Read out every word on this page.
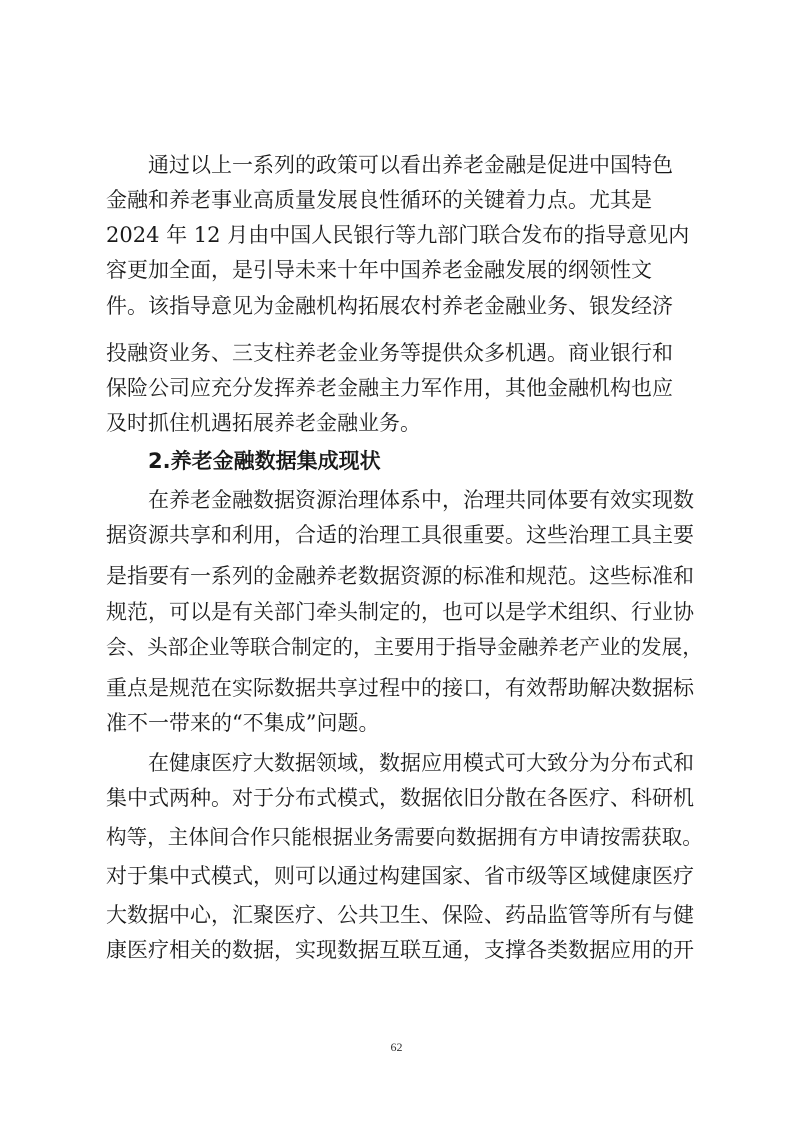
通过以上一系列的政策可以看出养老金融是促进中国特色
金融和养老事业高质量发展良性循环的关键着力点。尤其是
2024 年 12 月由中国人民银行等九部门联合发布的指导意见内
容更加全面，是引导未来十年中国养老金融发展的纲领性文
件。该指导意见为金融机构拓展农村养老金融业务、银发经济
投融资业务、三支柱养老金业务等提供众多机遇。商业银行和
保险公司应充分发挥养老金融主力军作用，其他金融机构也应
及时抓住机遇拓展养老金融业务。
2.养老金融数据集成现状
在养老金融数据资源治理体系中，治理共同体要有效实现数
据资源共享和利用，合适的治理工具很重要。这些治理工具主要
是指要有一系列的金融养老数据资源的标准和规范。这些标准和
规范，可以是有关部门牵头制定的，也可以是学术组织、行业协
会、头部企业等联合制定的，主要用于指导金融养老产业的发展，
重点是规范在实际数据共享过程中的接口，有效帮助解决数据标
准不一带来的“不集成”问题。
在健康医疗大数据领域，数据应用模式可大致分为分布式和
集中式两种。对于分布式模式，数据依旧分散在各医疗、科研机
构等，主体间合作只能根据业务需要向数据拥有方申请按需获取。
对于集中式模式，则可以通过构建国家、省市级等区域健康医疗
大数据中心，汇聚医疗、公共卫生、保险、药品监管等所有与健
康医疗相关的数据，实现数据互联互通，支撑各类数据应用的开
62
